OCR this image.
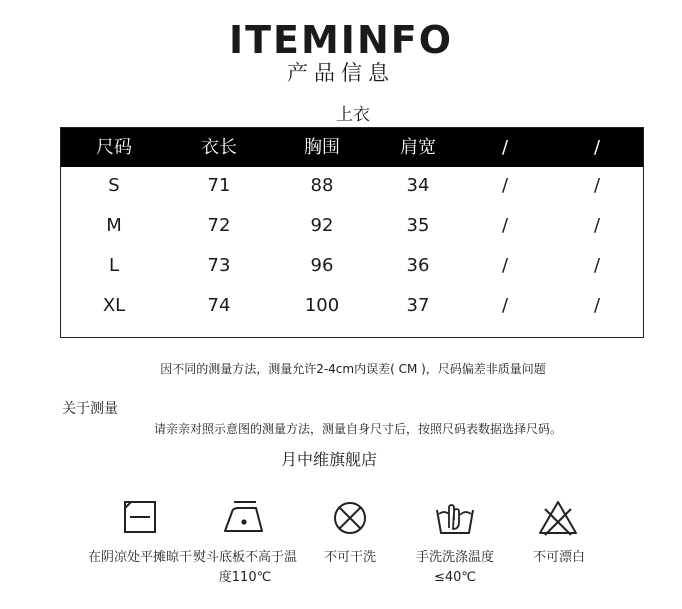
ITEMINFO
产品信息
上衣
尺码	衣长	胸围	肩宽	/	/
S	71	88	34	/	/
M	72	92	35	/	/
L	73	96	36	/	/
XL	74	100	37	/	/
因不同的测量方法，测量允许2-4cm内误差( CM )，尺码偏差非质量问题
关于测量
请亲亲对照示意图的测量方法，测量自身尺寸后，按照尺码表数据选择尺码。
月中维旗舰店
在阴凉处平摊晾干 熨斗底板不高于温度110℃
不可干洗	手洗洗涤温度≤40℃
不可漂白
